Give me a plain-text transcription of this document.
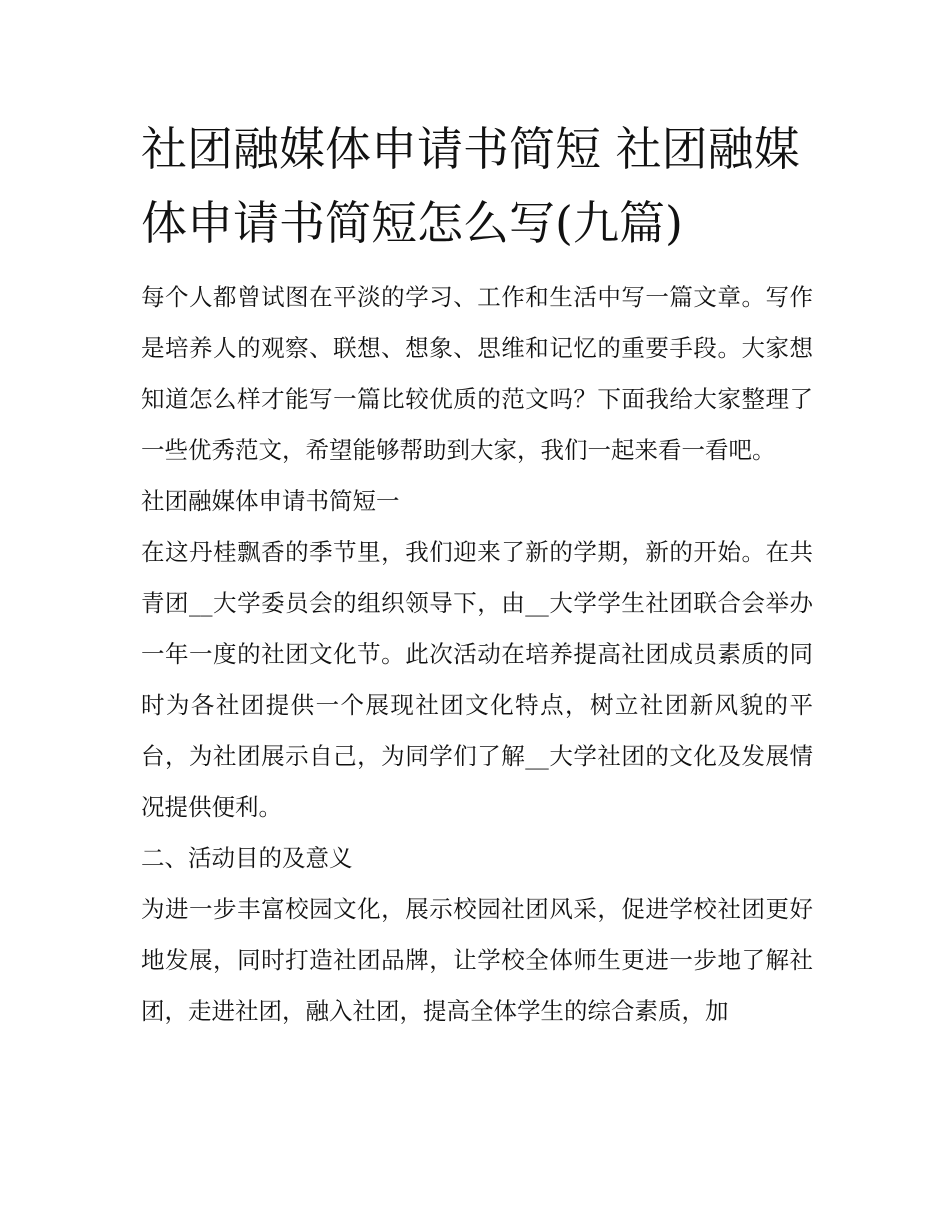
社团融媒体申请书简短 社团融媒体申请书简短怎么写(九篇)

每个人都曾试图在平淡的学习、工作和生活中写一篇文章。写作是培养人的观察、联想、想象、思维和记忆的重要手段。大家想知道怎么样才能写一篇比较优质的范文吗？下面我给大家整理了一些优秀范文，希望能够帮助到大家，我们一起来看一看吧。

社团融媒体申请书简短一

在这丹桂飘香的季节里，我们迎来了新的学期，新的开始。在共青团__大学委员会的组织领导下，由__大学学生社团联合会举办一年一度的社团文化节。此次活动在培养提高社团成员素质的同时为各社团提供一个展现社团文化特点，树立社团新风貌的平台，为社团展示自己，为同学们了解__大学社团的文化及发展情况提供便利。

二、活动目的及意义

为进一步丰富校园文化，展示校园社团风采，促进学校社团更好地发展，同时打造社团品牌，让学校全体师生更进一步地了解社团，走进社团，融入社团，提高全体学生的综合素质，加
